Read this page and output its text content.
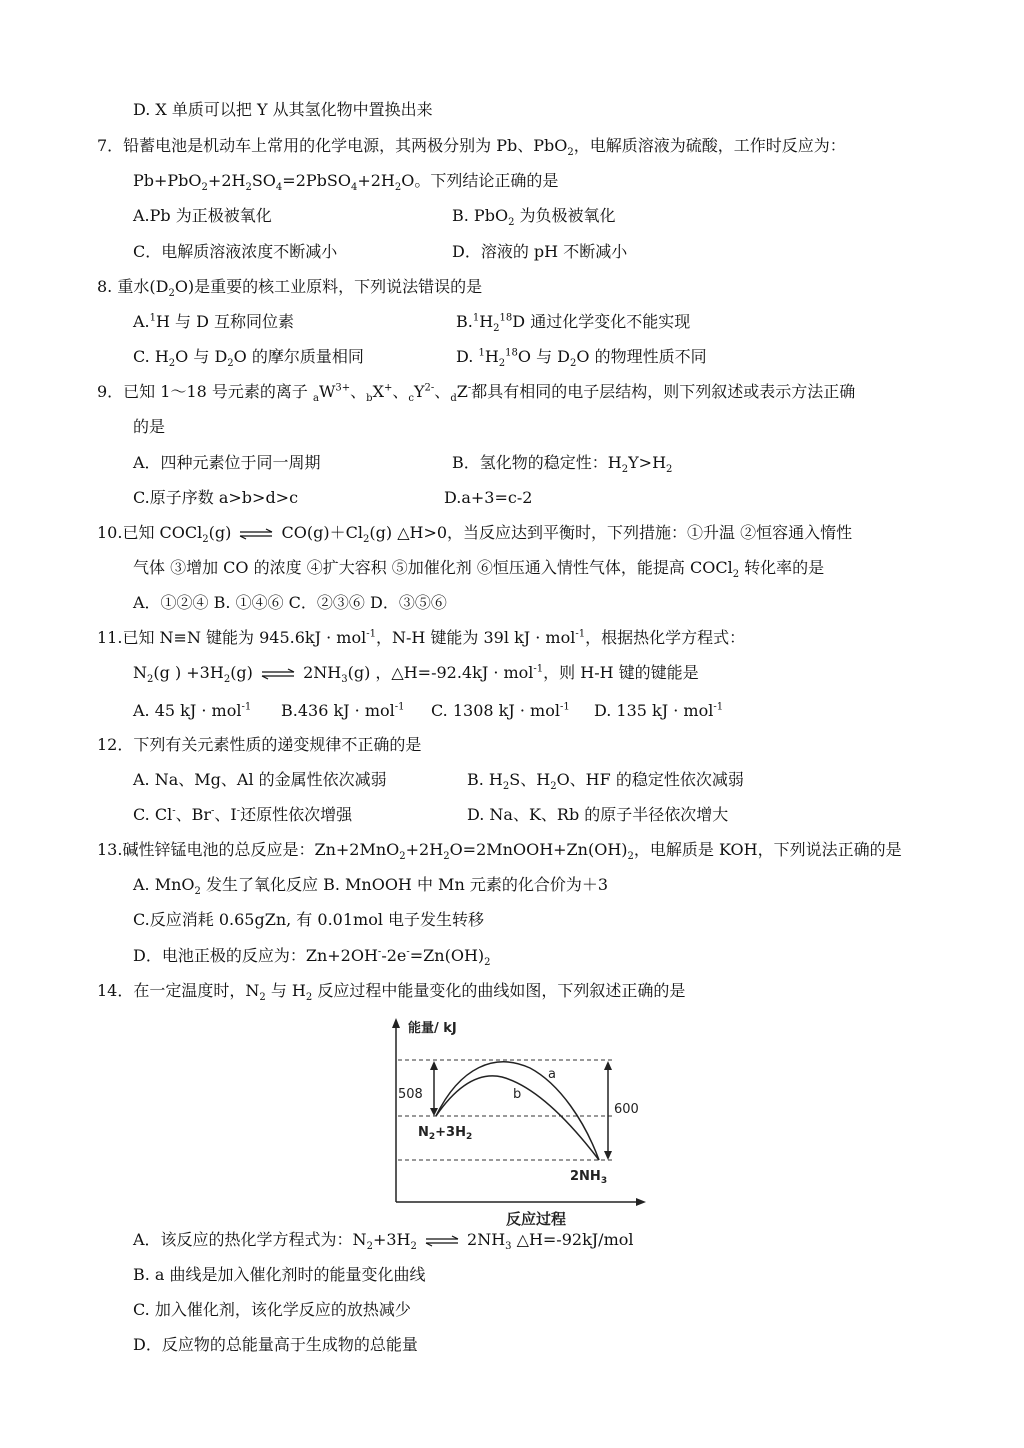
D. X 单质可以把 Y 从其氢化物中置换出来
7．铅蓄电池是机动车上常用的化学电源，其两极分别为 Pb、PbO$_2$，电解质溶液为硫酸，工作时反应为：
$Pb+PbO_2+2H_2SO_4=2PbSO_4+2H_2O$。下列结论正确的是
A.Pb 为正极被氧化	B. PbO$_2$ 为负极被氧化
C．电解质溶液浓度不断减小	D．溶液的 pH 不断减小
8. 重水$(D_2O)$是重要的核工业原料，下列说法错误的是
A.$^1$H 与 D 互称同位素	$B.^1H_2^{18}D$ 通过化学变化不能实现
C. $H_2O$ 与 $D_2O$ 的摩尔质量相同	D. $^1H_2^{18}O$ 与 $D_2O$ 的物理性质不同
9．已知 1～18 号元素的离子 $_aW^{3+}$、$_b$X+、$_cY^{2-}$、$_d$Z-都具有相同的电子层结构，则下列叙述或表示方法正确
的是
A．四种元素位于同一周期	B．氢化物的稳定性：$H_2Y>H_2$
C.原子序数 a>b>d>c	D.a+3=c-2
10.已知 COCl$_2$(g) ⇌ $CO(g)+Cl_2(g)$ △H>0，当反应达到平衡时，下列措施：①升温 ②恒容通入惰性
气体 ③增加 CO 的浓度 ④扩大容积 ⑤加催化剂 ⑥恒压通入情性气体，能提高 COCl$_2$ 转化率的是
A．①②④ B. ①④⑥ C．②③⑥ D．③⑤⑥
11.已知 N≡N 键能为 945.6kJ · mol$^{-1}$，N-H 键能为 39l kJ · mol$^{-1}$，根据热化学方程式：
$N_2(g$ ) $+3H_2(g)$ ⇌ $2NH_3(g)$ ，△H=-92.4kJ · mol$^{-1}$，则 H-H 键的键能是
A. 45 kJ · mol$^{-1}$ B.436 kJ · mol$^{-1}$ C. 1308 kJ · mol$^{-1}$ D. 135 kJ · mol$^{-1}$
12．下列有关元素性质的递变规律不正确的是
A. Na、Mg、Al 的金属性依次减弱	B. $H_2S$、$H_2O$、HF 的稳定性依次减弱
C. Cl-、Br-、I-还原性依次增强	D. Na、K、Rb 的原子半径依次增大
13.碱性锌锰电池的总反应是：$Zn+2MnO_2+2H_2O=2MnOOH+Zn(OH)_2$，电解质是 KOH，下列说法正确的是
A. MnO$_2$ 发生了氧化反应 B. MnOOH 中 Mn 元素的化合价为＋3
C.反应消耗 0.65gZn, 有 0.01mol 电子发生转移
D．电池正极的反应为：$Zn+2OH^--2e^-=Zn(OH)_2$
14．在一定温度时，$N_2$ 与 $H_2$ 反应过程中能量变化的曲线如图，下列叙述正确的是
能量/ kJ
反应过程
a
b
508
600
$N_2+3H_2$
$2NH_3$
A．该反应的热化学方程式为：$N_2+3H_2$ ⇌ $2NH_3$ △H=-92kJ/mol
B. a 曲线是加入催化剂时的能量变化曲线
C. 加入催化剂，该化学反应的放热减少
D．反应物的总能量高于生成物的总能量
